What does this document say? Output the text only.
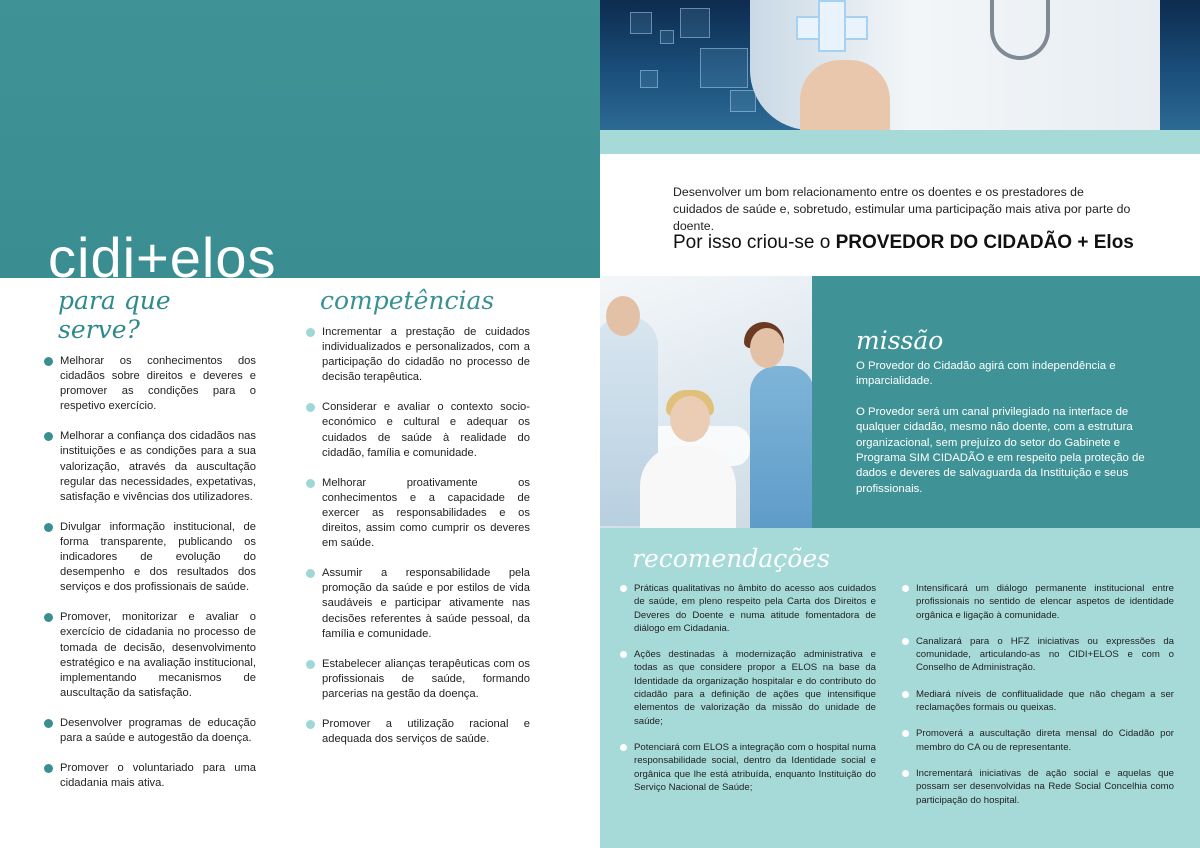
cidi+elos
para que serve?
Melhorar os conhecimentos dos cidadãos sobre direitos e deveres e promover as condições para o respetivo exercício.
Melhorar a confiança dos cidadãos nas instituições e as condições para a sua valorização, através da auscultação regular das necessidades, expetativas, satisfação e vivências dos utilizadores.
Divulgar informação institucional, de forma transparente, publicando os indicadores de evolução do desempenho e dos resultados dos serviços e dos profissionais de saúde.
Promover, monitorizar e avaliar o exercício de cidadania no processo de tomada de decisão, desenvolvimento estratégico e na avaliação institucional, implementando mecanismos de auscultação da satisfação.
Desenvolver programas de educação para a saúde e autogestão da doença.
Promover o voluntariado para uma cidadania mais ativa.
competências
Incrementar a prestação de cuidados individualizados e personalizados, com a participação do cidadão no processo de decisão terapêutica.
Considerar e avaliar o contexto socio-económico e cultural e adequar os cuidados de saúde à realidade do cidadão, família e comunidade.
Melhorar proativamente os conhecimentos e a capacidade de exercer as responsabilidades e os direitos, assim como cumprir os deveres em saúde.
Assumir a responsabilidade pela promoção da saúde e por estilos de vida saudáveis e participar ativamente nas decisões referentes à saúde pessoal, da família e comunidade.
Estabelecer alianças terapêuticas com os profissionais de saúde, formando parcerias na gestão da doença.
Promover a utilização racional e adequada dos serviços de saúde.
Desenvolver um bom relacionamento entre os doentes e os prestadores de cuidados de saúde e, sobretudo, estimular uma participação mais ativa por parte do doente.
Por isso criou-se o PROVEDOR DO CIDADÃO + Elos
missão

O Provedor do Cidadão agirá com independência e imparcialidade.

O Provedor será um canal privilegiado na interface de qualquer cidadão, mesmo não doente, com a estrutura organizacional, sem prejuízo do setor do Gabinete e Programa SIM CIDADÃO e em respeito pela proteção de dados e deveres de salvaguarda da Instituição e seus profissionais.

recomendações
Práticas qualitativas no âmbito do acesso aos cuidados de saúde, em pleno respeito pela Carta dos Direitos e Deveres do Doente e numa atitude fomentadora de diálogo em Cidadania.
Ações destinadas à modernização administrativa e todas as que considere propor a ELOS na base da Identidade da organização hospitalar e do contributo do cidadão para a definição de ações que intensifique elementos de valorização da missão do unidade de saúde;
Potenciará com ELOS a integração com o hospital numa responsabilidade social, dentro da Identidade social e orgânica que lhe está atribuída, enquanto Instituição do Serviço Nacional de Saúde;
Intensificará um diálogo permanente institucional entre profissionais no sentido de elencar aspetos de identidade orgânica e ligação à comunidade.
Canalizará para o HFZ iniciativas ou expressões da comunidade, articulando-as no CIDI+ELOS e com o Conselho de Administração.
Mediará níveis de conflitualidade que não chegam a ser reclamações formais ou queixas.
Promoverá a auscultação direta mensal do Cidadão por membro do CA ou de representante.
Incrementará iniciativas de ação social e aquelas que possam ser desenvolvidas na Rede Social Concelhia como participação do hospital.
